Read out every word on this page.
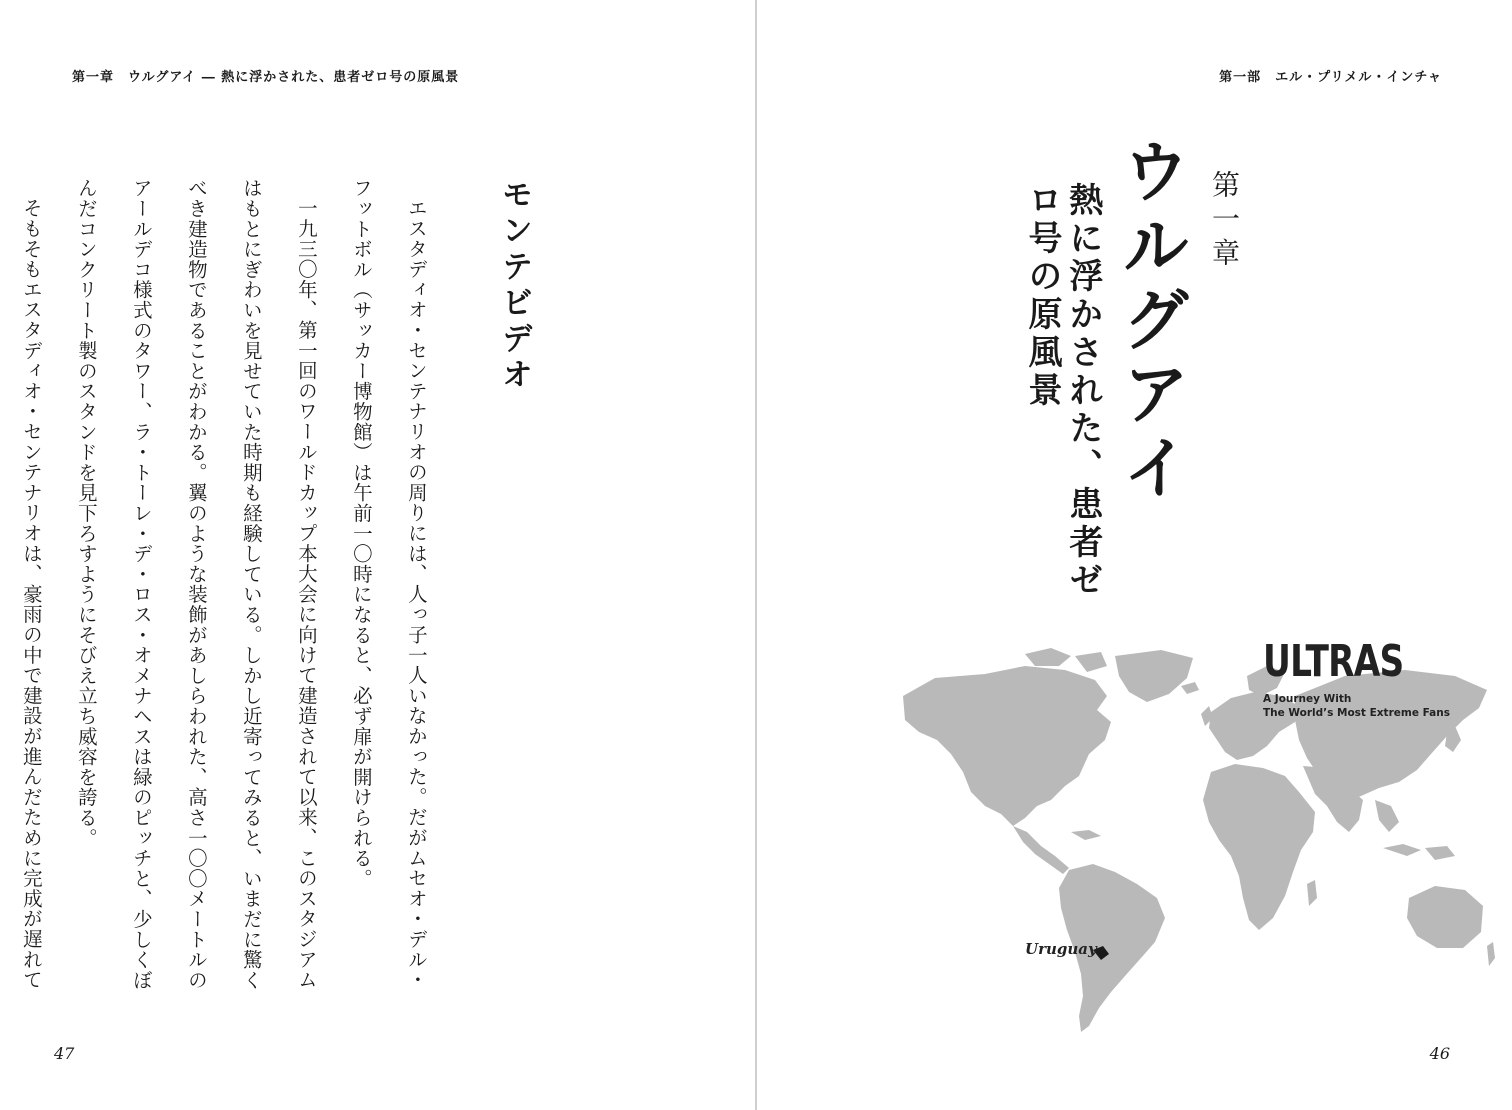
第一章　ウルグアイ ― 熱に浮かされた、患者ゼロ号の原風景
モンテビデオ

エスタディオ・センテナリオの周りには、人っ子一人いなかった。だがムセオ・デル・フットボル（サッカー博物館）は午前一〇時になると、必ず扉が開けられる。

一九三〇年、第一回のワールドカップ本大会に向けて建造されて以来、このスタジアムはもとにぎわいを見せていた時期も経験している。しかし近寄ってみると、いまだに驚くべき建造物であることがわかる。翼のような装飾があしらわれた、高さ一〇〇メートルのアールデコ様式のタワー、ラ・トーレ・デ・ロス・オメナヘスは緑のピッチと、少しくぼんだコンクリート製のスタンドを見下ろすようにそびえ立ち威容を誇る。

そもそもエスタディオ・センテナリオは、豪雨の中で建設が進んだために完成が遅れて

47
第一部　エル・プリメル・インチャ
第一章
ウルグアイ
熱に浮かされた、患者ゼロ号の原風景
ULTRAS
A Journey With
The World’s Most Extreme Fans
46
Uruguay
